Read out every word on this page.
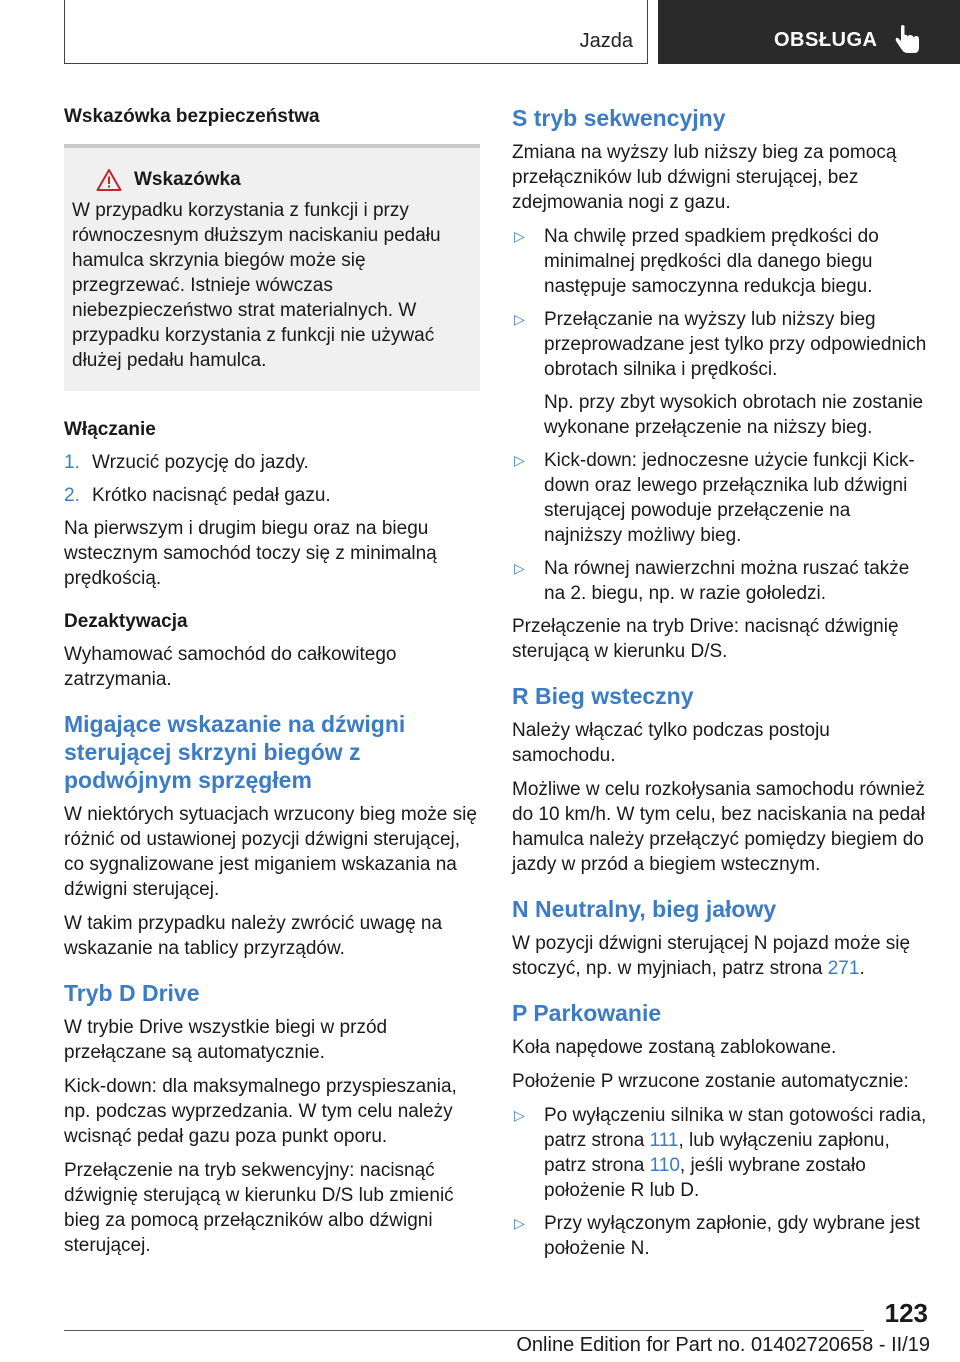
Jazda	OBSŁUGA
Wskazówka bezpieczeństwa
Wskazówka

W przypadku korzystania z funkcji i przy równoczesnym dłuższym naciskaniu pedału hamulca skrzynia biegów może się przegrzewać. Istnieje wówczas niebezpieczeństwo strat materialnych. W przypadku korzystania z funkcji nie używać dłużej pedału hamulca.

Włączanie
1. Wrzucić pozycję do jazdy.
2. Krótko nacisnąć pedał gazu.

Na pierwszym i drugim biegu oraz na biegu wstecznym samochód toczy się z minimalną prędkością.

Dezaktywacja

Wyhamować samochód do całkowitego zatrzymania.

Migające wskazanie na dźwigni sterującej skrzyni biegów z podwójnym sprzęgłem

W niektórych sytuacjach wrzucony bieg może się różnić od ustawionej pozycji dźwigni sterującej, co sygnalizowane jest miganiem wskazania na dźwigni sterującej.

W takim przypadku należy zwrócić uwagę na wskazanie na tablicy przyrządów.

Tryb D Drive

W trybie Drive wszystkie biegi w przód przełączane są automatycznie.

Kick-down: dla maksymalnego przyspieszania, np. podczas wyprzedzania. W tym celu należy wcisnąć pedał gazu poza punkt oporu.

Przełączenie na tryb sekwencyjny: nacisnąć dźwignię sterującą w kierunku D/S lub zmienić bieg za pomocą przełączników albo dźwigni sterującej.

S tryb sekwencyjny

Zmiana na wyższy lub niższy bieg za pomocą przełączników lub dźwigni sterującej, bez zdejmowania nogi z gazu.

▷	Na chwilę przed spadkiem prędkości do minimalnej prędkości dla danego biegu następuje samoczynna redukcja biegu.

▷	Przełączanie na wyższy lub niższy bieg przeprowadzane jest tylko przy odpowiednich obrotach silnika i prędkości.

Np. przy zbyt wysokich obrotach nie zostanie wykonane przełączenie na niższy bieg.

▷	Kick-down: jednoczesne użycie funkcji Kick-down oraz lewego przełącznika lub dźwigni sterującej powoduje przełączenie na najniższy możliwy bieg.

▷	Na równej nawierzchni można ruszać także na 2. biegu, np. w razie gołoledzi.

Przełączenie na tryb Drive: nacisnąć dźwignię sterującą w kierunku D/S.

R Bieg wsteczny

Należy włączać tylko podczas postoju samochodu.

Możliwe w celu rozkołysania samochodu również do 10 km/h. W tym celu, bez naciskania na pedał hamulca należy przełączyć pomiędzy biegiem do jazdy w przód a biegiem wstecznym.

N Neutralny, bieg jałowy

W pozycji dźwigni sterującej N pojazd może się stoczyć, np. w myjniach, patrz strona 271.

P Parkowanie

Koła napędowe zostaną zablokowane.

Położenie P wrzucone zostanie automatycznie:

▷	Po wyłączeniu silnika w stan gotowości radia, patrz strona 111, lub wyłączeniu zapłonu, patrz strona 110, jeśli wybrane zostało położenie R lub D.

▷	Przy wyłączonym zapłonie, gdy wybrane jest położenie N.

123
Online Edition for Part no. 01402720658 - II/19
